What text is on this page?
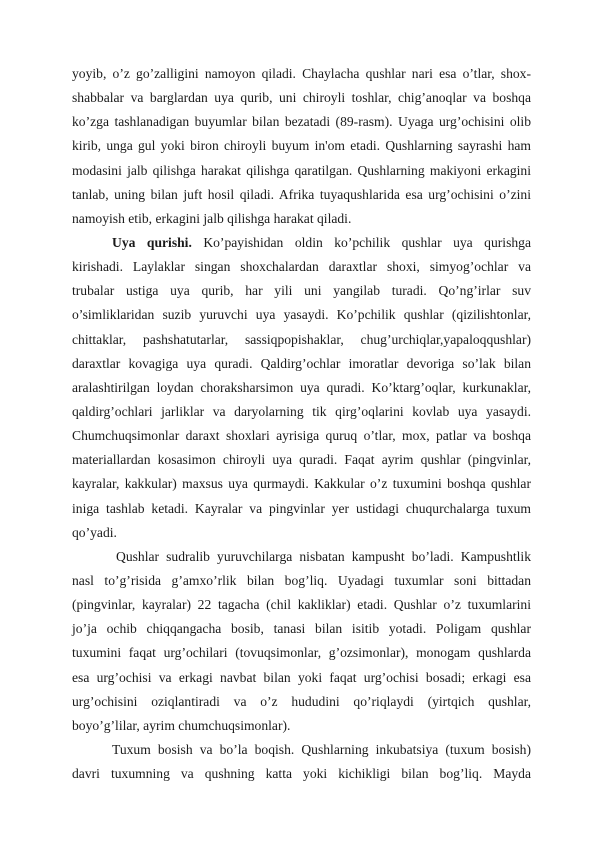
yoyib, o’z go’zalligini namoyon qiladi. Chaylacha qushlar nari esa o’tlar, shox-
shabbalar va barglardan uya qurib, uni chiroyli toshlar, chig’anoqlar va boshqa
ko’zga tashlanadigan buyumlar bilan bezatadi (89-rasm). Uyaga urg’ochisini olib
kirib, unga gul yoki biron chiroyli buyum in'om etadi. Qushlarning sayrashi ham
modasini jalb qilishga harakat qilishga qaratilgan. Qushlarning makiyoni erkagini
tanlab, uning bilan juft hosil qiladi. Afrika tuyaqushlarida esa urg’ochisini o’zini
namoyish etib, erkagini jalb qilishga harakat qiladi.
Uya qurishi. Ko’payishidan oldin ko’pchilik qushlar uya qurishga
kirishadi. Laylaklar singan shoxchalardan daraxtlar shoxi, simyog’ochlar va
trubalar ustiga uya qurib, har yili uni yangilab turadi. Qo’ng’irlar suv
o’simliklaridan suzib yuruvchi uya yasaydi. Ko’pchilik qushlar (qizilishtonlar,
chittaklar, pashshatutarlar, sassiqpopishaklar, chug’urchiqlar,yapaloqqushlar)
daraxtlar kovagiga uya quradi. Qaldirg’ochlar imoratlar devoriga so’lak bilan
aralashtirilgan loydan choraksharsimon uya quradi. Ko’ktarg’oqlar, kurkunaklar,
qaldirg’ochlari jarliklar va daryolarning tik qirg’oqlarini kovlab uya yasaydi.
Chumchuqsimonlar daraxt shoxlari ayrisiga quruq o’tlar, mox, patlar va boshqa
materiallardan kosasimon chiroyli uya quradi. Faqat ayrim qushlar (pingvinlar,
kayralar, kakkular) maxsus uya qurmaydi. Kakkular o’z tuxumini boshqa qushlar
iniga tashlab ketadi. Kayralar va pingvinlar yer ustidagi chuqurchalarga tuxum
qo’yadi.
Qushlar sudralib yuruvchilarga nisbatan kampusht bo’ladi. Kampushtlik
nasl to’g’risida g’amxo’rlik bilan bog’liq. Uyadagi tuxumlar soni bittadan
(pingvinlar, kayralar) 22 tagacha (chil kakliklar) etadi. Qushlar o’z tuxumlarini
jo’ja ochib chiqqangacha bosib, tanasi bilan isitib yotadi. Poligam qushlar
tuxumini faqat urg’ochilari (tovuqsimonlar, g’ozsimonlar), monogam qushlarda
esa urg’ochisi va erkagi navbat bilan yoki faqat urg’ochisi bosadi; erkagi esa
urg’ochisini oziqlantiradi va o’z hududini qo’riqlaydi (yirtqich qushlar,
boyo’g’lilar, ayrim chumchuqsimonlar).
Tuxum bosish va bo’la boqish. Qushlarning inkubatsiya (tuxum bosish)
davri tuxumning va qushning katta yoki kichikligi bilan bog’liq. Mayda
